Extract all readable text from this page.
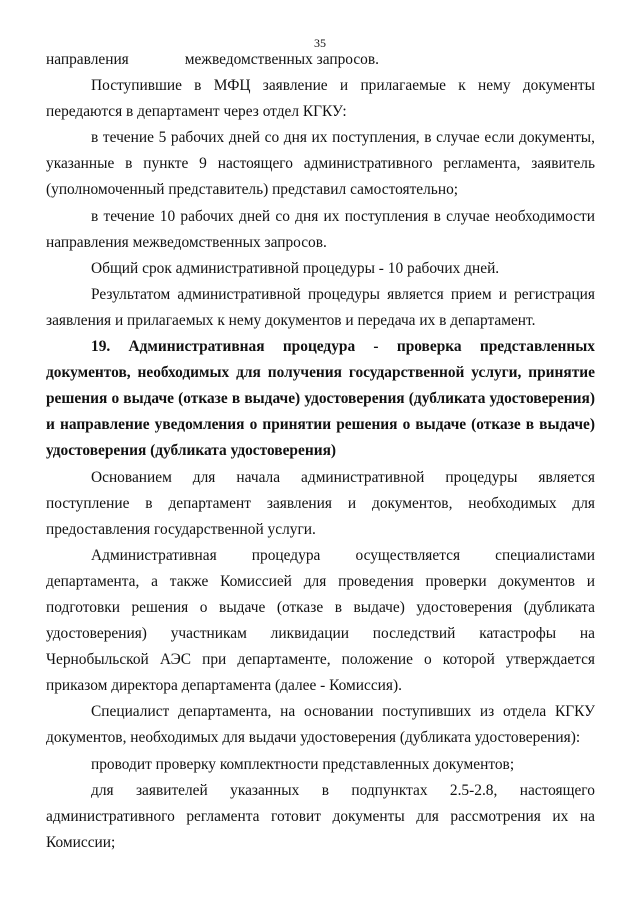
35
направления	межведомственных запросов.

Поступившие в МФЦ заявление и прилагаемые к нему документы передаются в департамент через отдел КГКУ:

в течение 5 рабочих дней со дня их поступления, в случае если документы, указанные в пункте 9 настоящего административного регламента, заявитель (уполномоченный представитель) представил самостоятельно;

в течение 10 рабочих дней со дня их поступления в случае необходимости направления межведомственных запросов.

Общий срок административной процедуры - 10 рабочих дней.

Результатом административной процедуры является прием и регистрация заявления и прилагаемых к нему документов и передача их в департамент.

19. Административная процедура - проверка представленных документов, необходимых для получения государственной услуги, принятие решения о выдаче (отказе в выдаче) удостоверения (дубликата удостоверения) и направление уведомления о принятии решения о выдаче (отказе в выдаче) удостоверения (дубликата удостоверения)

Основанием для начала административной процедуры является поступление в департамент заявления и документов, необходимых для предоставления государственной услуги.

Административная процедура осуществляется специалистами департамента, а также Комиссией для проведения проверки документов и подготовки решения о выдаче (отказе в выдаче) удостоверения (дубликата удостоверения) участникам ликвидации последствий катастрофы на Чернобыльской АЭС при департаменте, положение о которой утверждается приказом директора департамента (далее - Комиссия).

Специалист департамента, на основании поступивших из отдела КГКУ документов, необходимых для выдачи удостоверения (дубликата удостоверения):

проводит проверку комплектности представленных документов;

для заявителей указанных в подпунктах 2.5-2.8, настоящего

административного регламента готовит документы для рассмотрения их на Комиссии;
